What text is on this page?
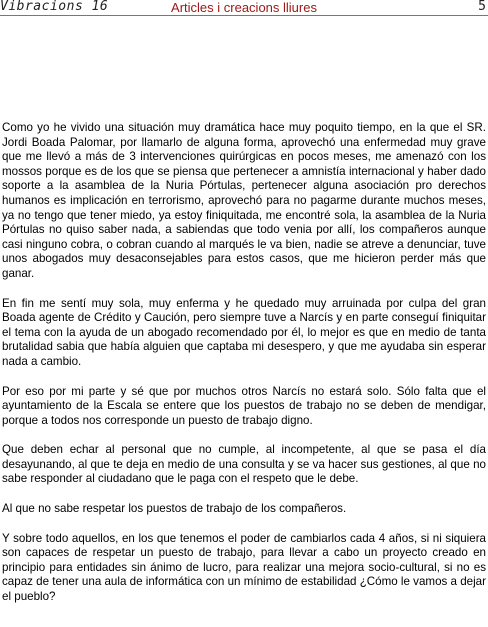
Vibracions 16	Articles i creacions lliures	5

Como yo he vivido una situación muy dramática hace muy poquito tiempo, en la que el SR. Jordi Boada Palomar, por llamarlo de alguna forma, aprovechó una enfermedad muy grave que me llevó a más de 3 intervenciones quirúrgicas en pocos meses, me amenazó con los mossos porque es de los que se piensa que pertenecer a amnistía internacional y haber dado soporte a la asamblea de la Nuria Pórtulas, pertenecer alguna asociación pro derechos humanos es implicación en terrorismo, aprovechó para no pagarme durante muchos meses, ya no tengo que tener miedo, ya estoy finiquitada, me encontré sola, la asamblea de la Nuria Pórtulas no quiso saber nada, a sabiendas que todo venia por allí, los compañeros aunque casi ninguno cobra, o cobran cuando al marqués le va bien, nadie se atreve a denunciar, tuve unos abogados muy desaconsejables para estos casos, que me hicieron perder más que ganar.

En fin me sentí muy sola, muy enferma y he quedado muy arruinada por culpa del gran Boada agente de Crédito y Caución, pero siempre tuve a Narcís y en parte conseguí finiquitar el tema con la ayuda de un abogado recomendado por él, lo mejor es que en medio de tanta brutalidad sabia que había alguien que captaba mi desespero, y que me ayudaba sin esperar nada a cambio.

Por eso por mi parte y sé que por muchos otros Narcís no estará solo. Sólo falta que el ayuntamiento de la Escala se entere que los puestos de trabajo no se deben de mendigar, porque a todos nos corresponde un puesto de trabajo digno.

Que deben echar al personal que no cumple, al incompetente, al que se pasa el día desayunando, al que te deja en medio de una consulta y se va hacer sus gestiones, al que no sabe responder al ciudadano que le paga con el respeto que le debe.

Al que no sabe respetar los puestos de trabajo de los compañeros.

Y sobre todo aquellos, en los que tenemos el poder de cambiarlos cada 4 años, si ni siquiera son capaces de respetar un puesto de trabajo, para llevar a cabo un proyecto creado en principio para entidades sin ánimo de lucro, para realizar una mejora socio-cultural, si no es capaz de tener una aula de informática con un mínimo de estabilidad ¿Cómo le vamos a dejar el pueblo?
